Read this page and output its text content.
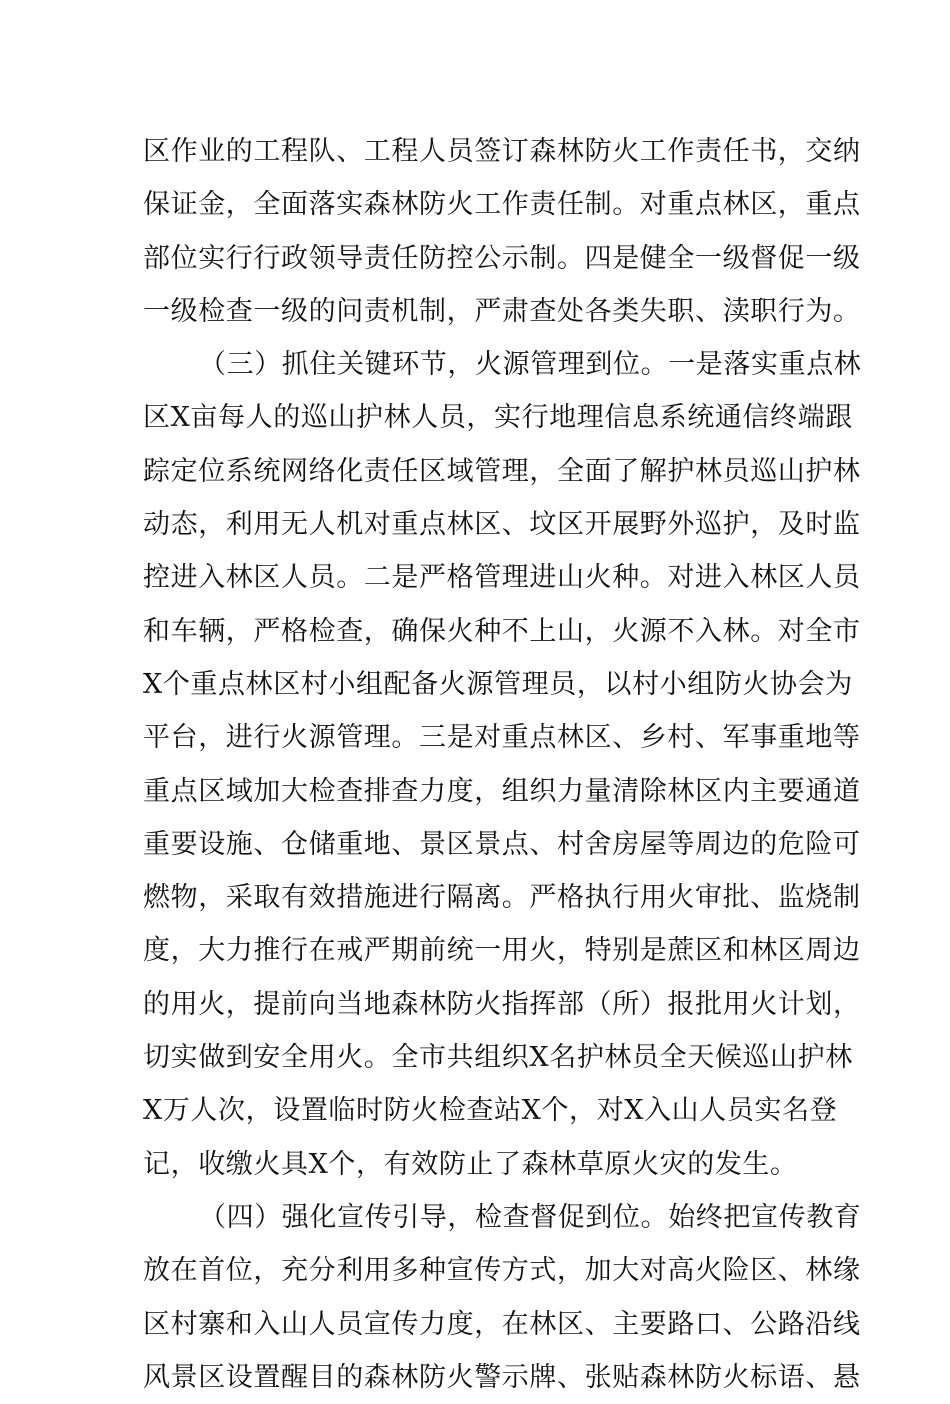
区作业的工程队、工程人员签订森林防火工作责任书，交纳
保证金，全面落实森林防火工作责任制。对重点林区，重点
部位实行行政领导责任防控公示制。四是健全一级督促一级
一级检查一级的问责机制，严肃查处各类失职、渎职行为。
（三）抓住关键环节，火源管理到位。一是落实重点林
区X亩每人的巡山护林人员，实行地理信息系统通信终端跟
踪定位系统网络化责任区域管理，全面了解护林员巡山护林
动态，利用无人机对重点林区、坟区开展野外巡护，及时监
控进入林区人员。二是严格管理进山火种。对进入林区人员
和车辆，严格检查，确保火种不上山，火源不入林。对全市
X个重点林区村小组配备火源管理员，以村小组防火协会为
平台，进行火源管理。三是对重点林区、乡村、军事重地等
重点区域加大检查排查力度，组织力量清除林区内主要通道
重要设施、仓储重地、景区景点、村舍房屋等周边的危险可
燃物，采取有效措施进行隔离。严格执行用火审批、监烧制
度，大力推行在戒严期前统一用火，特别是蔗区和林区周边
的用火，提前向当地森林防火指挥部（所）报批用火计划，
切实做到安全用火。全市共组织X名护林员全天候巡山护林
X万人次，设置临时防火检查站X个，对X入山人员实名登
记，收缴火具X个，有效防止了森林草原火灾的发生。
（四）强化宣传引导，检查督促到位。始终把宣传教育
放在首位，充分利用多种宣传方式，加大对高火险区、林缘
区村寨和入山人员宣传力度，在林区、主要路口、公路沿线
风景区设置醒目的森林防火警示牌、张贴森林防火标语、悬
